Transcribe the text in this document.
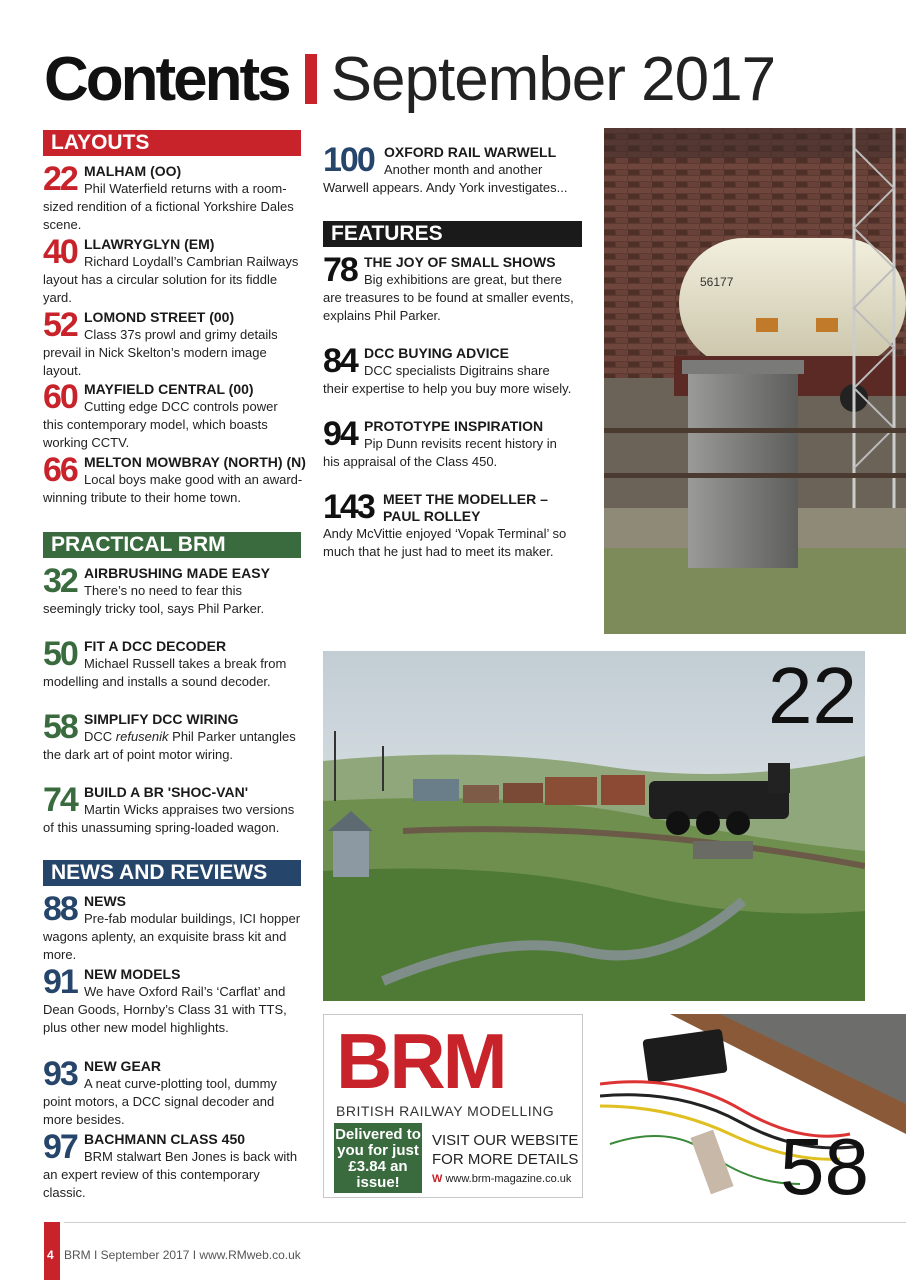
Contents September 2017
LAYOUTS
22 MALHAM (OO)
Phil Waterfield returns with a room-sized rendition of a fictional Yorkshire Dales scene.
40 LLAWRYGLYN (EM)
Richard Loydall’s Cambrian Railways layout has a circular solution for its fiddle yard.
52 LOMOND STREET (00)
Class 37s prowl and grimy details prevail in Nick Skelton’s modern image layout.
60 MAYFIELD CENTRAL (00)
Cutting edge DCC controls power this contemporary model, which boasts working CCTV.
66 MELTON MOWBRAY (NORTH) (N)
Local boys make good with an award-winning tribute to their home town.
PRACTICAL BRM
32 AIRBRUSHING MADE EASY
There’s no need to fear this seemingly tricky tool, says Phil Parker.
50 FIT A DCC DECODER
Michael Russell takes a break from modelling and installs a sound decoder.
58 SIMPLIFY DCC WIRING
DCC refusenik Phil Parker untangles the dark art of point motor wiring.
74 BUILD A BR 'SHOC-VAN'
Martin Wicks appraises two versions of this unassuming spring-loaded wagon.
NEWS AND REVIEWS
88 NEWS
Pre-fab modular buildings, ICI hopper wagons aplenty, an exquisite brass kit and more.
91 NEW MODELS
We have Oxford Rail’s ‘Carflat’ and Dean Goods, Hornby’s Class 31 with TTS, plus other new model highlights.
93 NEW GEAR
A neat curve-plotting tool, dummy point motors, a DCC signal decoder and more besides.
97 BACHMANN CLASS 450
BRM stalwart Ben Jones is back with an expert review of this contemporary classic.
100 OXFORD RAIL WARWELL
Another month and another Warwell appears. Andy York investigates...
FEATURES
78 THE JOY OF SMALL SHOWS
Big exhibitions are great, but there are treasures to be found at smaller events, explains Phil Parker.
84 DCC BUYING ADVICE
DCC specialists Digitrains share their expertise to help you buy more wisely.
94 PROTOTYPE INSPIRATION
Pip Dunn revisits recent history in his appraisal of the Class 450.
143 MEET THE MODELLER –
PAUL ROLLEY
Andy McVittie enjoyed ‘Vopak Terminal’ so much that he just had to meet its maker.
56177
22
BRM
BRITISH RAILWAY MODELLING
Delivered to you for just £3.84 an issue!
VISIT OUR WEBSITE FOR MORE DETAILS
W www.brm-magazine.co.uk	58
4 BRM I September 2017 I www.RMweb.co.uk
